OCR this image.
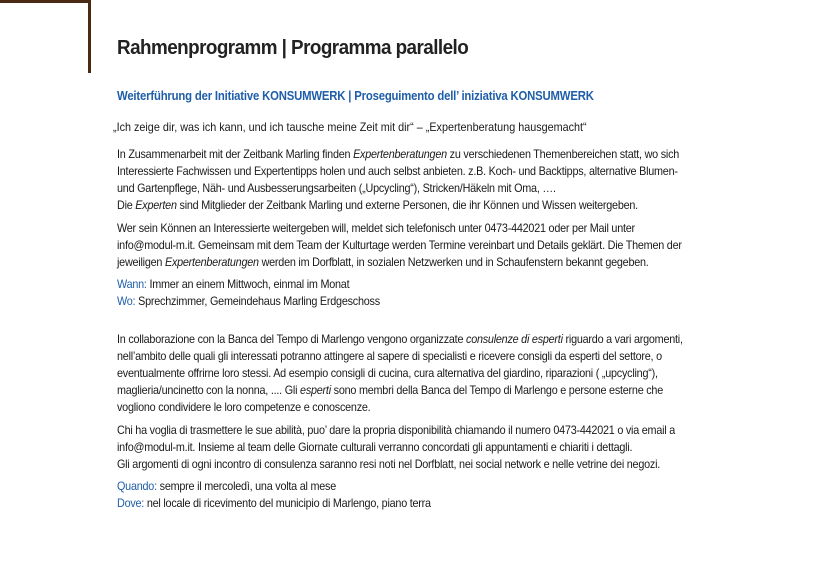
Rahmenprogramm | Programma parallelo
Weiterführung der Initiative KONSUMWERK | Proseguimento dell’ iniziativa KONSUMWERK
„Ich zeige dir, was ich kann, und ich tausche meine Zeit mit dir“ – „Expertenberatung hausgemacht“
In Zusammenarbeit mit der Zeitbank Marling finden Expertenberatungen zu verschiedenen Themenbereichen statt, wo sich
Interessierte Fachwissen und Expertentipps holen und auch selbst anbieten. z.B. Koch- und Backtipps, alternative Blumen-
und Gartenpflege, Näh- und Ausbesserungsarbeiten („Upcycling“), Stricken/Häkeln mit Oma, ….
Die Experten sind Mitglieder der Zeitbank Marling und externe Personen, die ihr Können und Wissen weitergeben.
Wer sein Können an Interessierte weitergeben will, meldet sich telefonisch unter 0473-442021 oder per Mail unter
info@modul-m.it. Gemeinsam mit dem Team der Kulturtage werden Termine vereinbart und Details geklärt. Die Themen der
jeweiligen Expertenberatungen werden im Dorfblatt, in sozialen Netzwerken und in Schaufenstern bekannt gegeben.
Wann: Immer an einem Mittwoch, einmal im Monat
Wo: Sprechzimmer, Gemeindehaus Marling Erdgeschoss
In collaborazione con la Banca del Tempo di Marlengo vengono organizzate consulenze di esperti riguardo a vari argomenti,
nell’ambito delle quali gli interessati potranno attingere al sapere di specialisti e ricevere consigli da esperti del settore, o
eventualmente offrirne loro stessi. Ad esempio consigli di cucina, cura alternativa del giardino, riparazioni ( „upcycling“),
maglieria/uncinetto con la nonna, .... Gli esperti sono membri della Banca del Tempo di Marlengo e persone esterne che
vogliono condividere le loro competenze e conoscenze.
Chi ha voglia di trasmettere le sue abilità, puo’ dare la propria disponibilità chiamando il numero 0473-442021 o via email a
info@modul-m.it. Insieme al team delle Giornate culturali verranno concordati gli appuntamenti e chiariti i dettagli.
Gli argomenti di ogni incontro di consulenza saranno resi noti nel Dorfblatt, nei social network e nelle vetrine dei negozi.
Quando: sempre il mercoledì, una volta al mese
Dove: nel locale di ricevimento del municipio di Marlengo, piano terra
